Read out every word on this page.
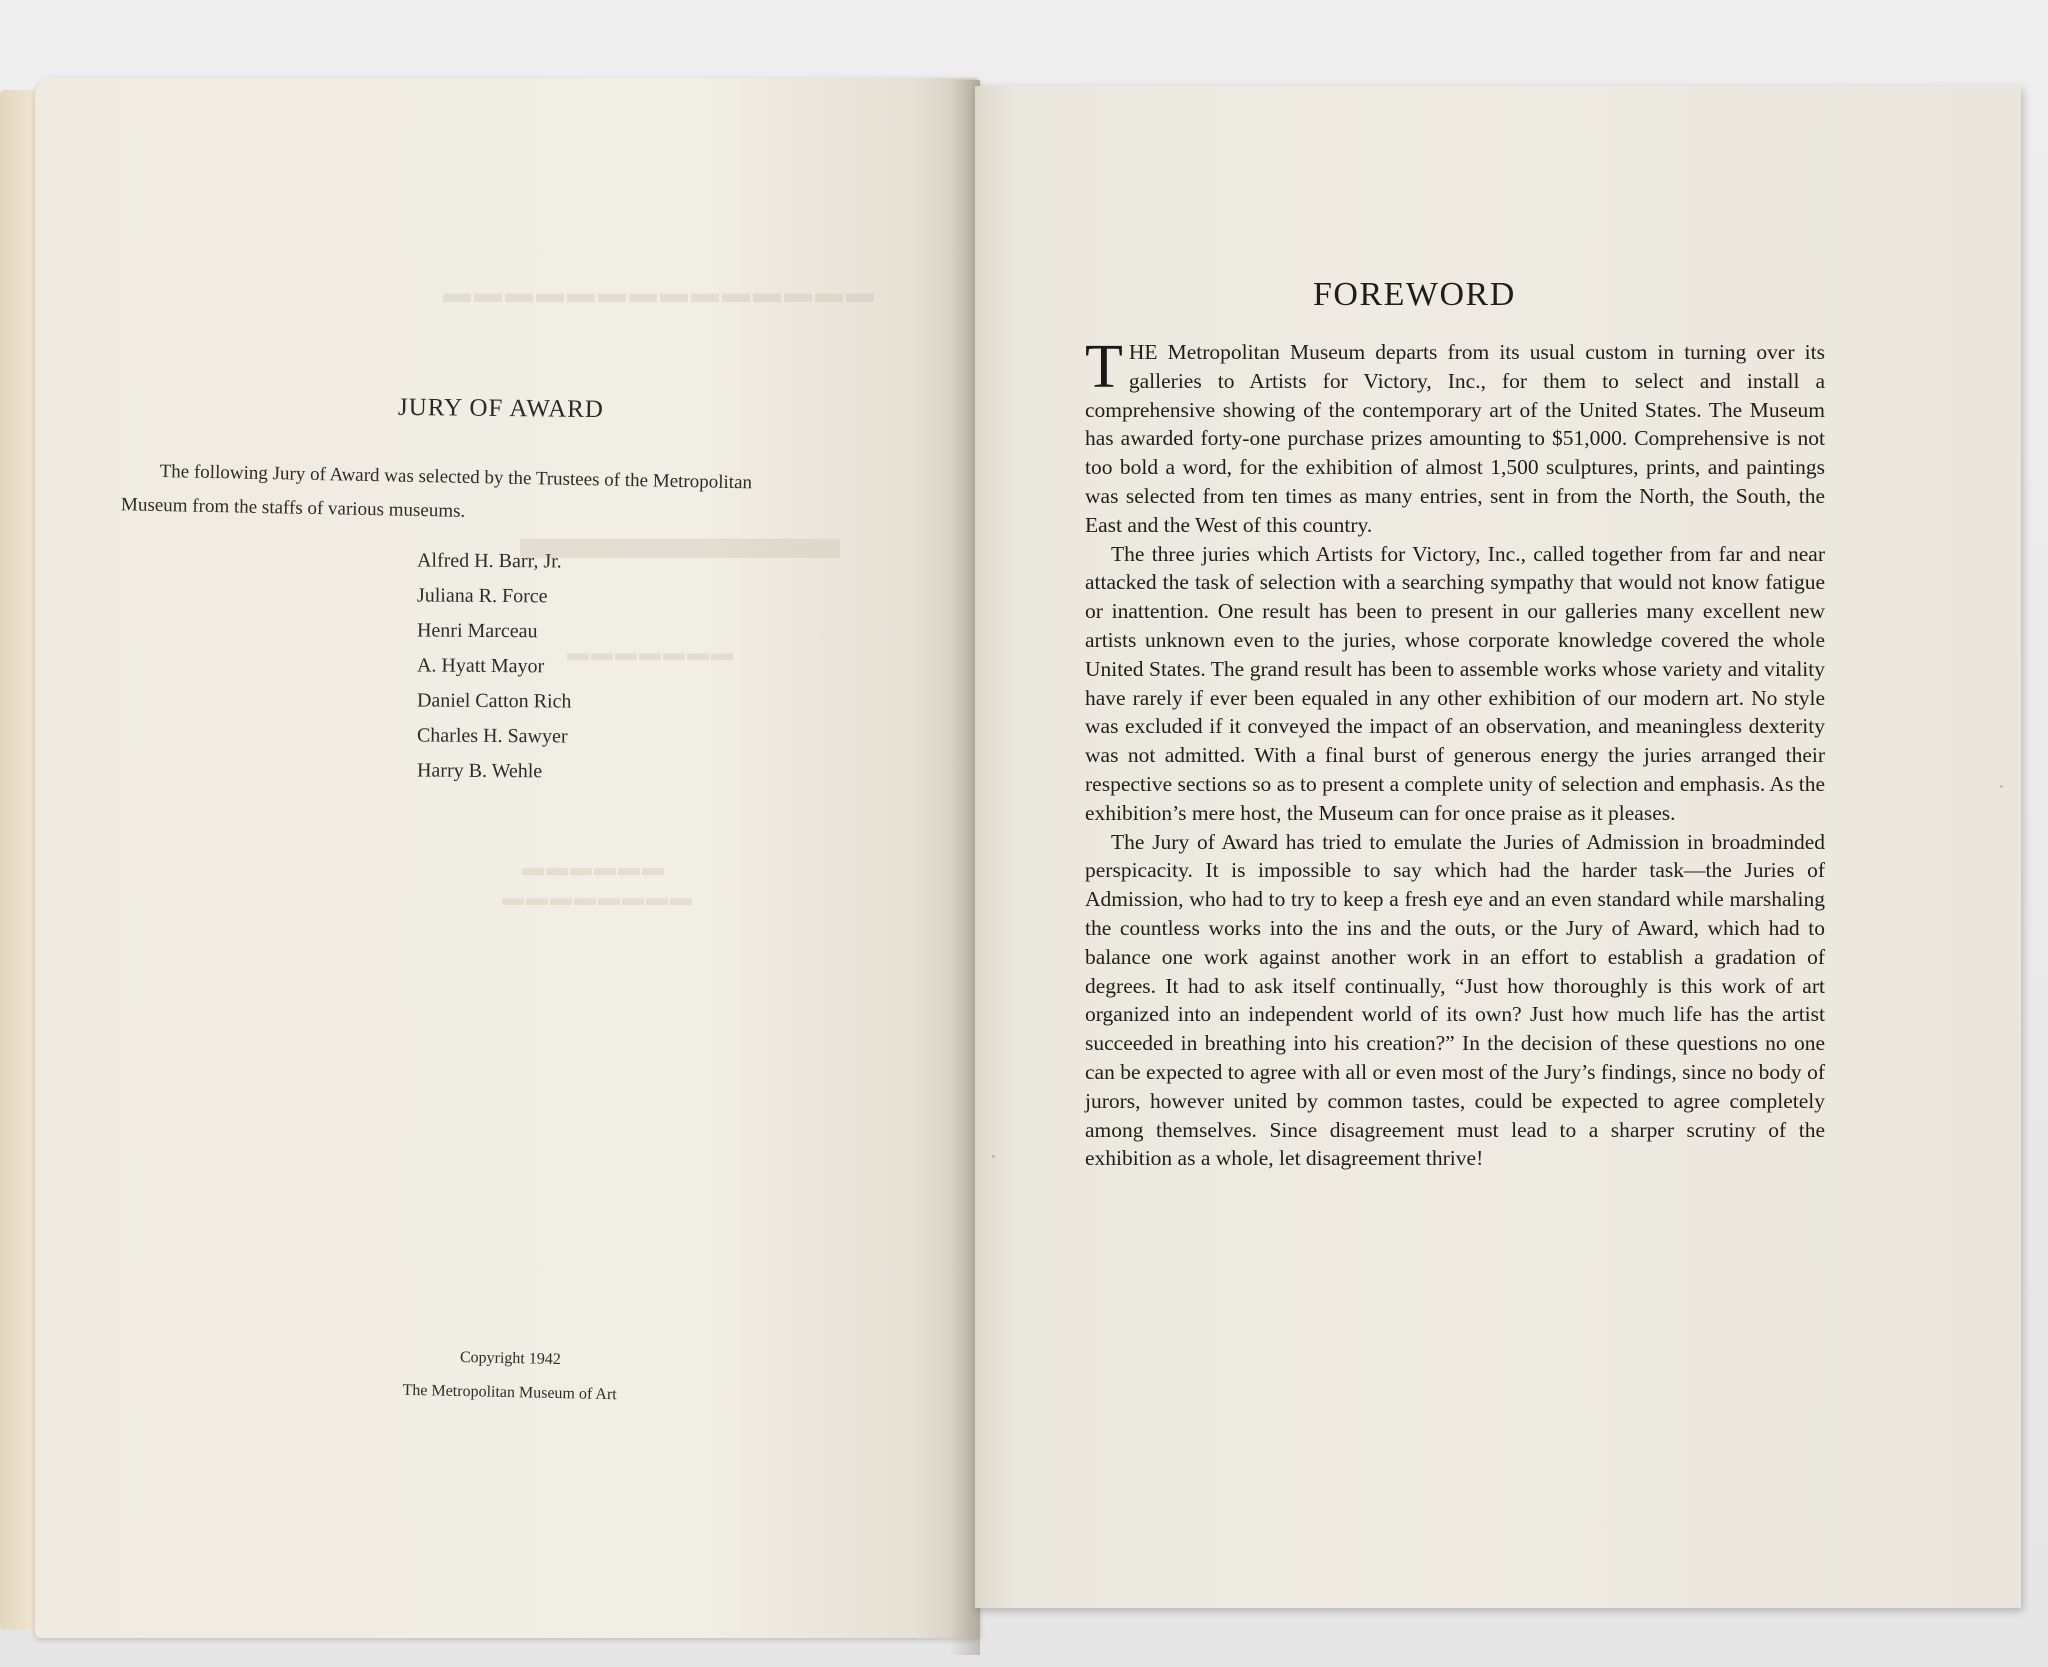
▬▬▬▬▬▬▬▬▬▬▬▬▬▬
▬▬▬▬▬
▬▬▬▬▬▬▬
▬▬▬▬▬▬
▬▬▬▬▬▬▬▬
JURY OF AWARD
The following Jury of Award was selected by the Trustees of the Metropolitan
Museum from the staffs of various museums.
Alfred H. Barr, Jr.
Juliana R. Force
Henri Marceau
A. Hyatt Mayor
Daniel Catton Rich
Charles H. Sawyer
Harry B. Wehle
Copyright 1942
The Metropolitan Museum of Art
FOREWORD

THE Metropolitan Museum departs from its usual custom in turning over its galleries to Artists for Victory, Inc., for them to select and install a comprehensive showing of the contemporary art of the United States. The Museum has awarded forty-one purchase prizes amounting to $51,000. Comprehensive is not too bold a word, for the exhibition of almost 1,500 sculptures, prints, and paintings was selected from ten times as many entries, sent in from the North, the South, the East and the West of this country.

The three juries which Artists for Victory, Inc., called together from far and near attacked the task of selection with a searching sympathy that would not know fatigue or inattention. One result has been to present in our galleries many excellent new artists unknown even to the juries, whose corporate knowledge covered the whole United States. The grand result has been to assemble works whose variety and vitality have rarely if ever been equaled in any other exhibition of our modern art. No style was excluded if it conveyed the impact of an observation, and meaningless dexterity was not admitted. With a final burst of generous energy the juries arranged their respective sections so as to present a complete unity of selection and emphasis. As the exhibition’s mere host, the Museum can for once praise as it pleases.

The Jury of Award has tried to emulate the Juries of Admission in broadminded perspicacity. It is impossible to say which had the harder task—the Juries of Admission, who had to try to keep a fresh eye and an even standard while marshaling the countless works into the ins and the outs, or the Jury of Award, which had to balance one work against another work in an effort to establish a gradation of degrees. It had to ask itself continually, “Just how thoroughly is this work of art organized into an independent world of its own? Just how much life has the artist succeeded in breathing into his creation?” In the decision of these questions no one can be expected to agree with all or even most of the Jury’s findings, since no body of jurors, however united by common tastes, could be expected to agree completely among themselves. Since disagreement must lead to a sharper scrutiny of the exhibition as a whole, let disagreement thrive!
